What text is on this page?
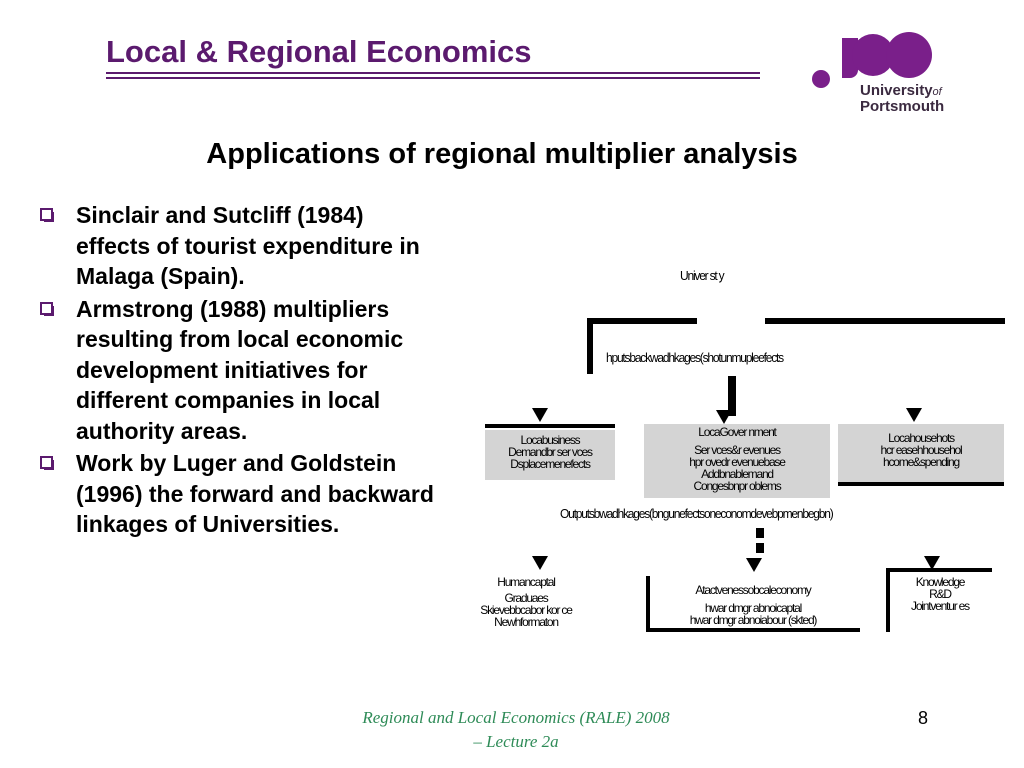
Local & Regional Economics
Universityof
Portsmouth
Applications of regional multiplier analysis
Sinclair and Sutcliff (1984) effects of tourist expenditure in Malaga (Spain).
Armstrong (1988) multipliers resulting from local economic development initiatives for different companies in local authority areas.
Work by Luger and Goldstein (1996) the forward and backward linkages of Universities.
Univer st y
hputsbackwadhkages(shotunmupleefects
Locabusiness
Demandbr ser vces
Dsplacemenefects
LocaGover nment
Ser vces&r evenues
hpr ovedr evenuebase
Addbnablemand
Congesbnpr oblems
Locahousehots
hcr easehhousehol
hcome&spending
Outputsbwadhkages(bngunefectsoneconomdevebpmenbegbn)
Humancaptal
Graduaes
Skievebbcabor kor ce
Newhformaton
Atactvenessobcaleconomy
hwar dmgr abnoicaptal
hwar dmgr abnoiabour (skted)
Knowledge
R&D
Jointventur es
Regional and Local Economics (RALE) 2008
– Lecture 2a
8
